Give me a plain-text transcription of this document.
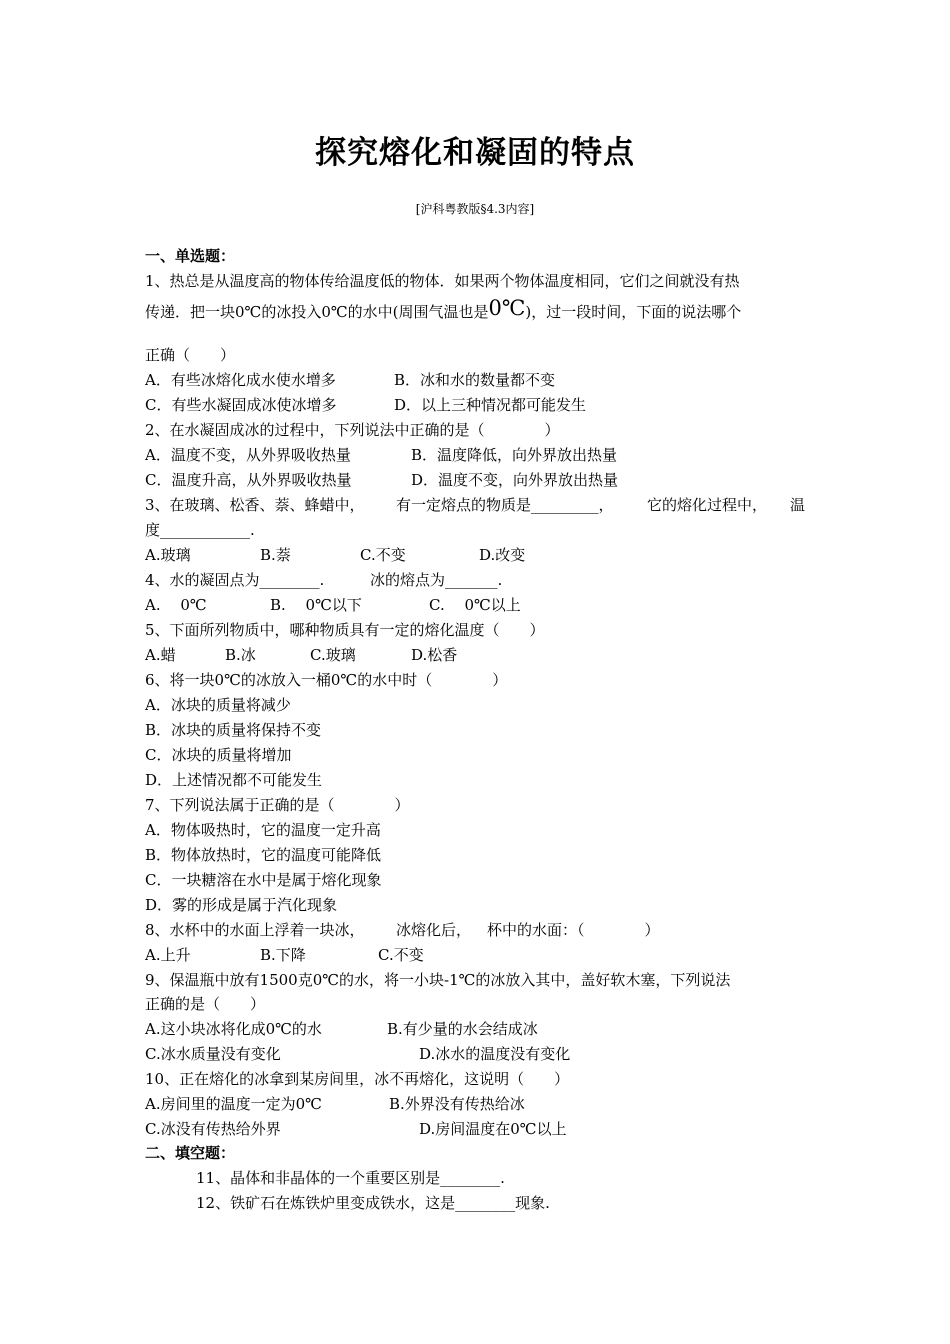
探究熔化和凝固的特点
[沪科粤教版§4.3内容]
一、单选题：
1、热总是从温度高的物体传给温度低的物体．如果两个物体温度相同，它们之间就没有热
传递．把一块0℃的冰投入0℃的水中(周围气温也是0℃)，过一段时间，下面的说法哪个
正确（　　）
A．有些冰熔化成水使水增多	B．冰和水的数量都不变
C．有些水凝固成冰使冰增多	D．以上三种情况都可能发生
2、在水凝固成冰的过程中，下列说法中正确的是（　　　　）
A．温度不变，从外界吸收热量	B．温度降低，向外界放出热量
C．温度升高，从外界吸收热量	D．温度不变，向外界放出热量
3、在玻璃、松香、萘、蜂蜡中， 有一定熔点的物质是_________， 它的熔化过程中， 温
度____________.
A.玻璃	B.萘	C.不变	D.改变
4、水的凝固点为________.	冰的熔点为_______.
A.　 0℃	B.　 0℃以下	C.　 0℃以上
5、下面所列物质中，哪种物质具有一定的熔化温度（　　）
A.蜡	B.冰	C.玻璃	D.松香
6、将一块0℃的冰放入一桶0℃的水中时（　　　　）
A．冰块的质量将减少
B．冰块的质量将保持不变
C．冰块的质量将增加
D．上述情况都不可能发生
7、下列说法属于正确的是（　　　　）
A．物体吸热时，它的温度一定升高
B．物体放热时，它的温度可能降低
C．一块糖溶在水中是属于熔化现象
D．雾的形成是属于汽化现象
8、水杯中的水面上浮着一块冰， 冰熔化后， 杯中的水面：（　　　　）
A.上升	B.下降	C.不变
9、保温瓶中放有1500克0℃的水，将一小块-1℃的冰放入其中，盖好软木塞，下列说法
正确的是（　　）
A.这小块冰将化成0℃的水	B.有少量的水会结成冰
C.冰水质量没有变化	D.冰水的温度没有变化
10、正在熔化的冰拿到某房间里，冰不再熔化，这说明（　　）
A.房间里的温度一定为0℃	B.外界没有传热给冰
C.冰没有传热给外界	D.房间温度在0℃以上
二、填空题：
11、晶体和非晶体的一个重要区别是________.
12、铁矿石在炼铁炉里变成铁水，这是________现象.
